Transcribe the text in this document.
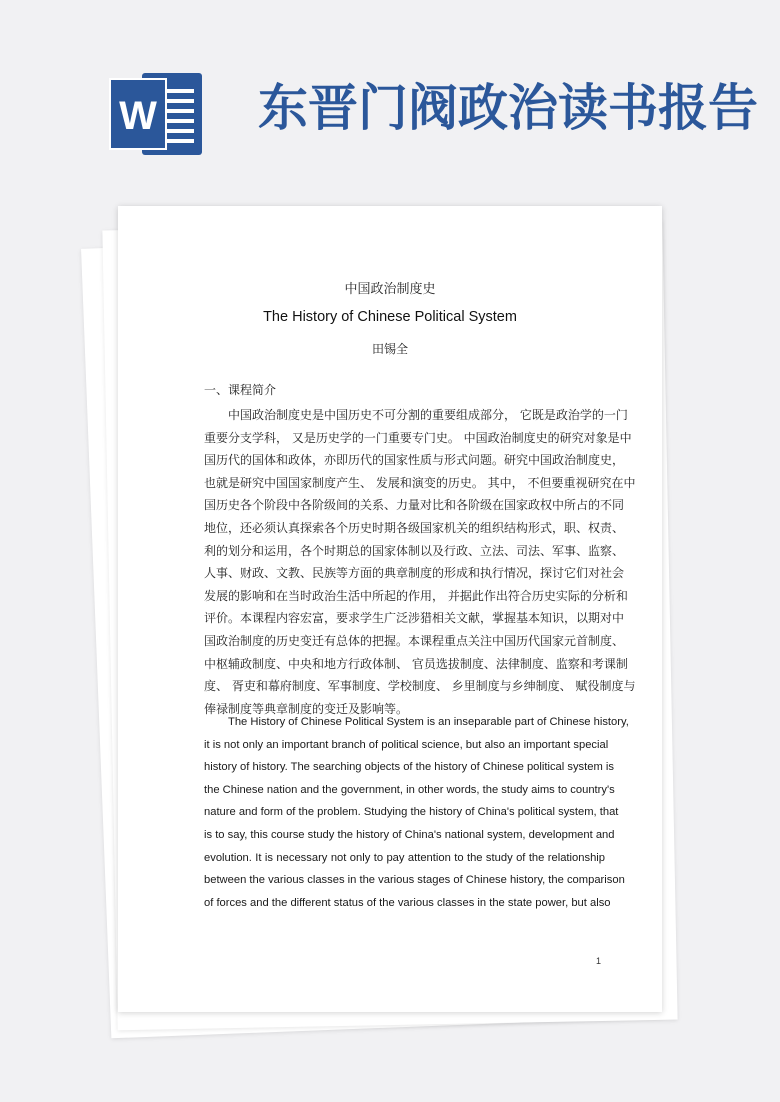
W 东晋门阀政治读书报告
中国政治制度史
The History of Chinese Political System
田锡全
一、课程简介
中国政治制度史是中国历史不可分割的重要组成部分， 它既是政治学的一门
重要分支学科， 又是历史学的一门重要专门史。 中国政治制度史的研究对象是中
国历代的国体和政体，亦即历代的国家性质与形式问题。研究中国政治制度史，
也就是研究中国国家制度产生、 发展和演变的历史。 其中， 不但要重视研究在中
国历史各个阶段中各阶级间的关系、力量对比和各阶级在国家政权中所占的不同
地位，还必须认真探索各个历史时期各级国家机关的组织结构形式，职、权责、
利的划分和运用，各个时期总的国家体制以及行政、立法、司法、军事、监察、
人事、财政、文教、民族等方面的典章制度的形成和执行情况，探讨它们对社会
发展的影响和在当时政治生活中所起的作用， 并据此作出符合历史实际的分析和
评价。本课程内容宏富，要求学生广泛涉猎相关文献，掌握基本知识，以期对中
国政治制度的历史变迁有总体的把握。本课程重点关注中国历代国家元首制度、
中枢辅政制度、中央和地方行政体制、 官员选拔制度、法律制度、监察和考课制
度、 胥吏和幕府制度、军事制度、学校制度、 乡里制度与乡绅制度、 赋役制度与
俸禄制度等典章制度的变迁及影响等。
The History of Chinese Political System is an inseparable part of Chinese history,
it is not only an important branch of political science, but also an important special
history of history. The searching objects of the history of Chinese political system is
the Chinese nation and the government, in other words, the study aims to country's
nature and form of the problem. Studying the history of China's political system, that
is to say, this course study the history of China's national system, development and
evolution. It is necessary not only to pay attention to the study of the relationship
between the various classes in the various stages of Chinese history, the comparison
of forces and the different status of the various classes in the state power, but also
1
